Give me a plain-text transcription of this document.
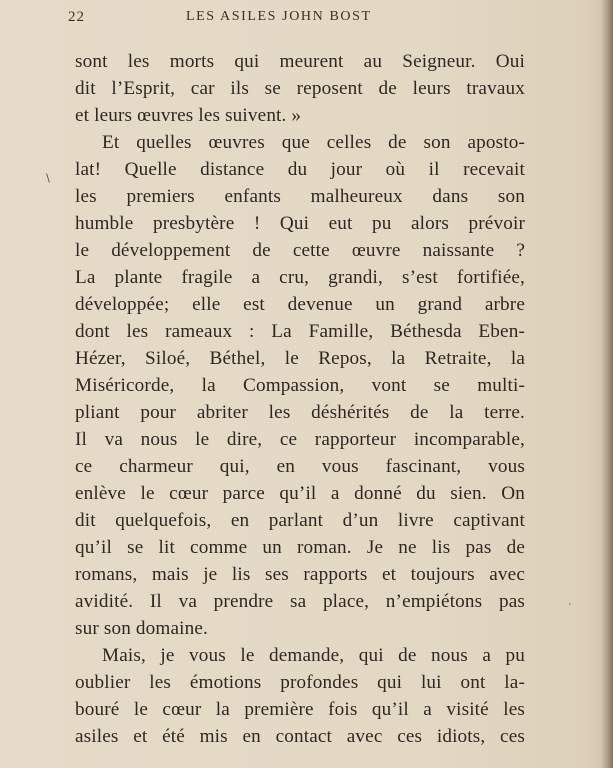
22	LES ASILES JOHN BOST
sont les morts qui meurent au Seigneur. Oui
dit l’Esprit, car ils se reposent de leurs travaux
et leurs œuvres les suivent. »
Et quelles œuvres que celles de son aposto-
lat! Quelle distance du jour où il recevait
les premiers enfants malheureux dans son
humble presbytère ! Qui eut pu alors prévoir
le développement de cette œuvre naissante ?
La plante fragile a cru, grandi, s’est fortifiée,
développée; elle est devenue un grand arbre
dont les rameaux : La Famille, Béthesda Eben-
Hézer, Siloé, Béthel, le Repos, la Retraite, la
Miséricorde, la Compassion, vont se multi-
pliant pour abriter les déshérités de la terre.
Il va nous le dire, ce rapporteur incomparable,
ce charmeur qui, en vous fascinant, vous
enlève le cœur parce qu’il a donné du sien. On
dit quelquefois, en parlant d’un livre captivant
qu’il se lit comme un roman. Je ne lis pas de
romans, mais je lis ses rapports et toujours avec
avidité. Il va prendre sa place, n’empiétons pas
sur son domaine.
Mais, je vous le demande, qui de nous a pu
oublier les émotions profondes qui lui ont la-
bouré le cœur la première fois qu’il a visité les
asiles et été mis en contact avec ces idiots, ces
∖
·
